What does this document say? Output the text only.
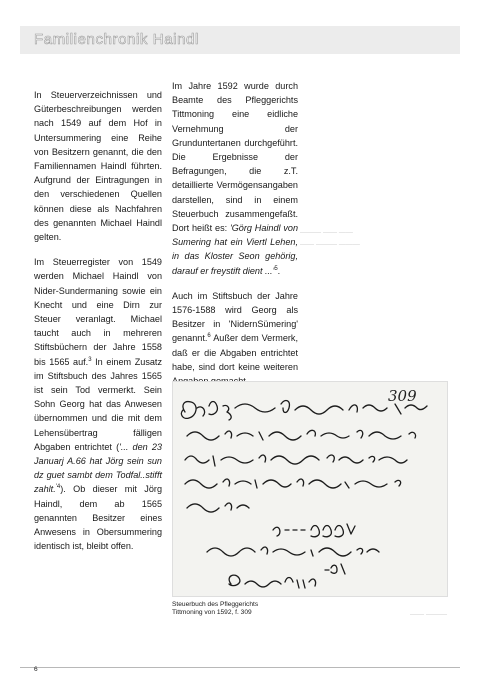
Familienchronik Haindl

In Steuerverzeichnissen und Güterbeschreibungen werden nach 1549 auf dem Hof in Untersummering eine Reihe von Besitzern genannt, die den Familiennamen Haindl führten. Aufgrund der Eintragungen in den verschiedenen Quellen können diese als Nachfahren des genannten Michael Haindl gelten.

Im Steuerregister von 1549 werden Michael Haindl von Nider-Sundermaning sowie ein Knecht und eine Dirn zur Steuer veranlagt. Michael taucht auch in mehreren Stiftsbüchern der Jahre 1558 bis 1565 auf.$^3$ In einem Zusatz im Stiftsbuch des Jahres 1565 ist sein Tod vermerkt. Sein Sohn Georg hat das Anwesen übernommen und die mit dem Lehensübertrag fälligen Abgaben entrichtet ('... den 23 Januarj A.66 hat Jörg sein sun dz guet sambt dem Todfal..stifft zahlt.$^{'4}$). Ob dieser mit Jörg Haindl, dem ab 1565 genannten Besitzer eines Anwesens in Obersummering identisch ist, bleibt offen.

Im Jahre 1592 wurde durch Beamte des Pfleggerichts Tittmoning eine eidliche Vernehmung der Grunduntertanen durchgeführt. Die Ergebnisse der Befragungen, die z.T. detaillierte Vermögensangaben darstellen, sind in einem Steuerbuch zusammengefaßt. Dort heißt es: 'Görg Haindl von Sumering hat ein Viertl Lehen, in das Kloster Seon gehörig, darauf er freystift dient $...'^5$.

Auch im Stiftsbuch der Jahre 1576-1588 wird Georg als Besitzer in 'NidernSümering' genannt.$^6$ Außer dem Vermerk, daß er die Abgaben entrichtet habe, sind dort keine weiteren

——— —— ——
—— ——— ———
—— ———
309
Steuerbuch des Pfleggerichts
Tittmoning von 1592, f. 309
6
